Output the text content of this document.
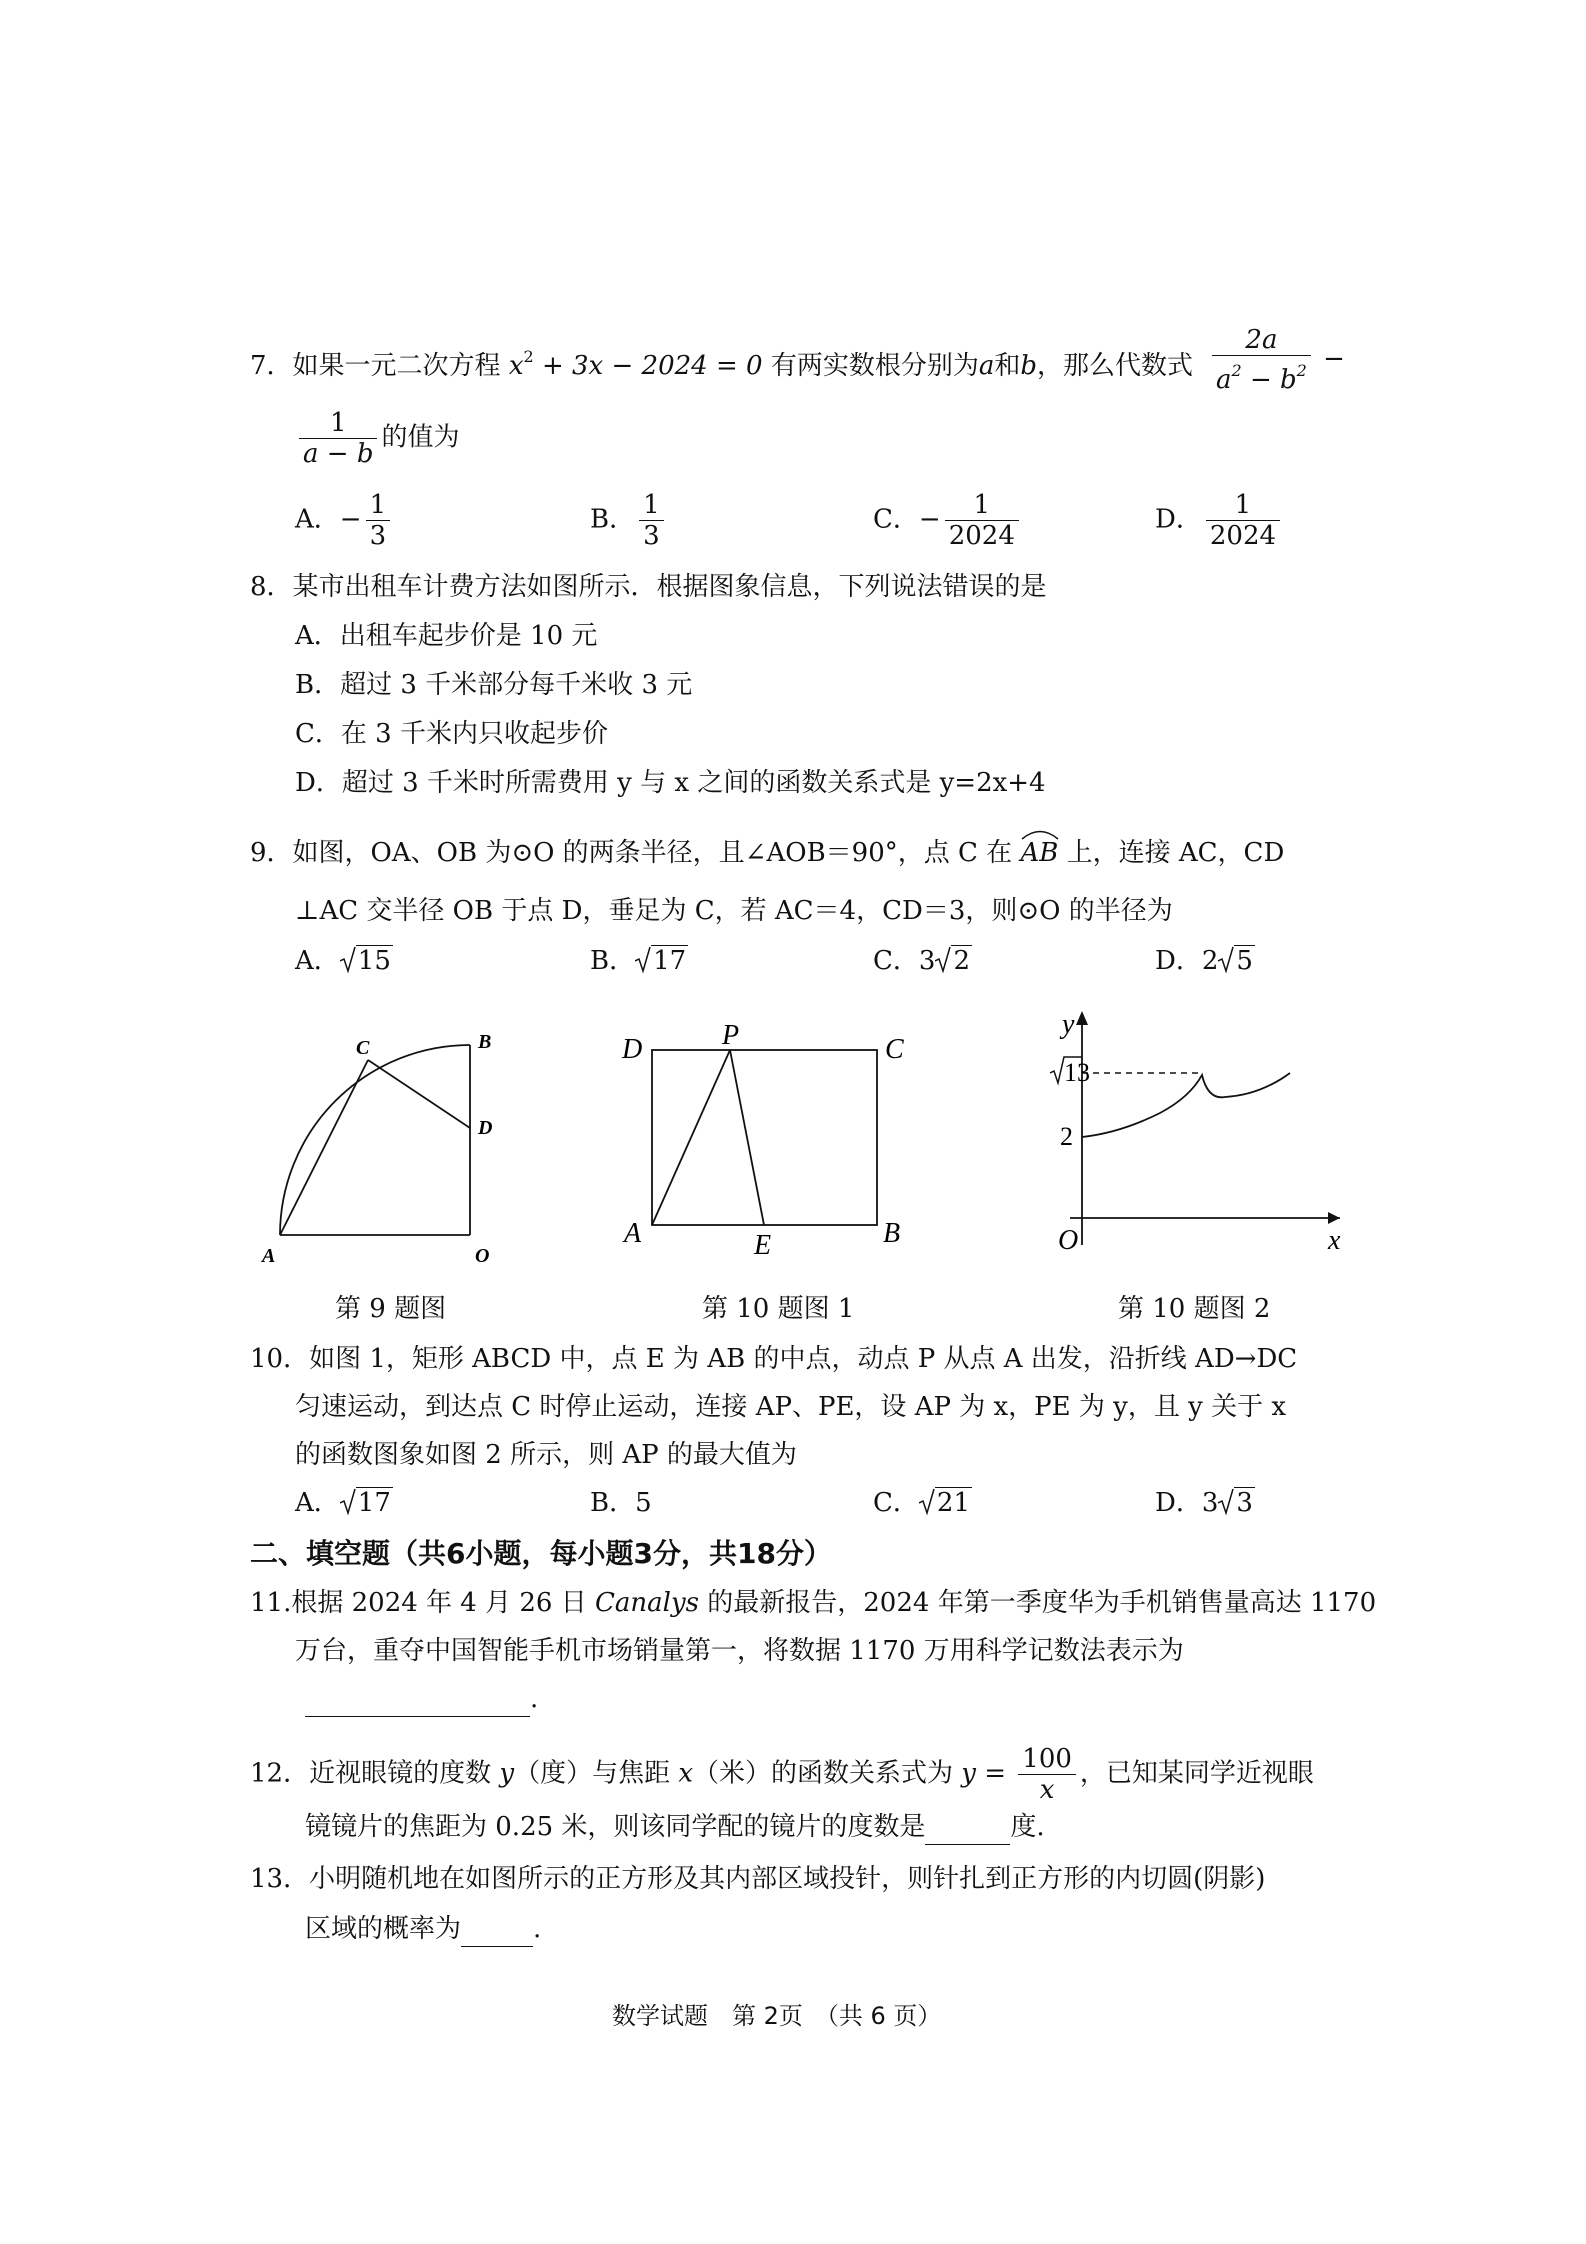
7．如果一元二次方程 $x^2 + 3x - 2024 = 0$ 有两实数根分别为a和b，那么代数式 $\frac{2a}{a^2 - b^2}$ −
$\frac{1}{a - b}$ 的值为
A．− $\frac{1}{3}$	B． $\frac{1}{3}$	C．− $\frac{1}{2024}$	D． $\frac{1}{2024}$
8．某市出租车计费方法如图所示．根据图象信息，下列说法错误的是
A．出租车起步价是 10 元
B．超过 3 千米部分每千米收 3 元
C．在 3 千米内只收起步价
D．超过 3 千米时所需费用 y 与 x 之间的函数关系式是 y=2x+4
9．如图，OA、OB 为⊙O 的两条半径，且∠AOB＝90°，点 C 在 AB 上，连接 AC，CD
⊥AC 交半径 OB 于点 D，垂足为 C，若 AC＝4，CD＝3，则⊙O 的半径为
A． 15	B． 17	C．3 2	D．2 5
A	O
B
C
D
D	P	C
A	E	B
y
x
O
2
13
第 9 题图	第 10 题图 1	第 10 题图 2
10．如图 1，矩形 ABCD 中，点 E 为 AB 的中点，动点 P 从点 A 出发，沿折线 AD→DC
匀速运动，到达点 C 时停止运动，连接 AP、PE，设 AP 为 x，PE 为 y，且 y 关于 x
的函数图象如图 2 所示，则 AP 的最大值为
A． 17	B．5	C． 21	D．3 3
二、填空题（共6小题，每小题3分，共18分）
11.根据 2024 年 4 月 26 日 Canalys 的最新报告，2024 年第一季度华为手机销售量高达 1170
万台，重夺中国智能手机市场销量第一，将数据 1170 万用科学记数法表示为
.
12．近视眼镜的度数 y（度）与焦距 x（米）的函数关系式为 $y = \frac{100}{x}$ ，已知某同学近视眼
镜镜片的焦距为 0.25 米，则该同学配的镜片的度数是	度.
13．小明随机地在如图所示的正方形及其内部区域投针，则针扎到正方形的内切圆(阴影)
区域的概率为	.
数学试题　第 2页　（共 6 页）
